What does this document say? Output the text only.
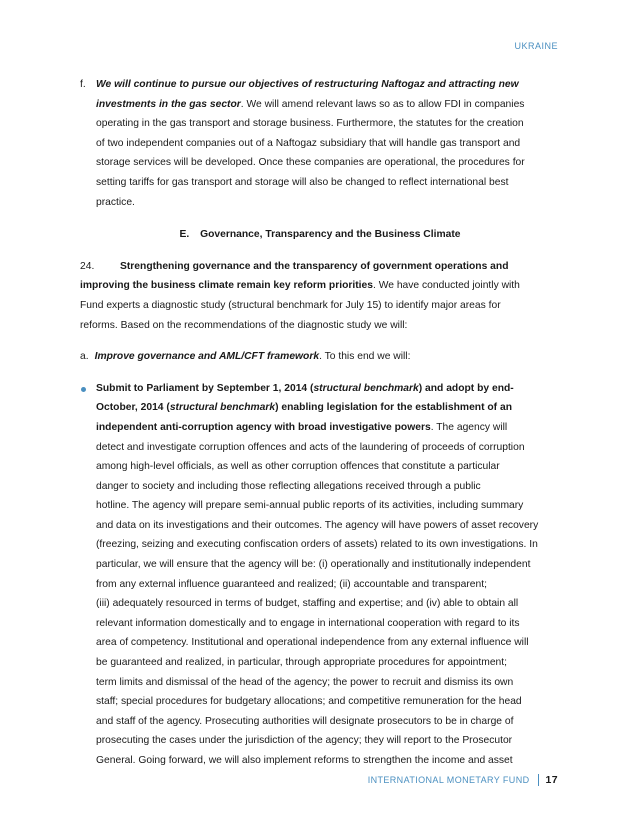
UKRAINE
f. We will continue to pursue our objectives of restructuring Naftogaz and attracting new
investments in the gas sector. We will amend relevant laws so as to allow FDI in companies
operating in the gas transport and storage business. Furthermore, the statutes for the creation
of two independent companies out of a Naftogaz subsidiary that will handle gas transport and
storage services will be developed. Once these companies are operational, the procedures for
setting tariffs for gas transport and storage will also be changed to reflect international best
practice.
E. Governance, Transparency and the Business Climate
24. Strengthening governance and the transparency of government operations and
improving the business climate remain key reform priorities. We have conducted jointly with
Fund experts a diagnostic study (structural benchmark for July 15) to identify major areas for
reforms. Based on the recommendations of the diagnostic study we will:
a. Improve governance and AML/CFT framework. To this end we will:
Submit to Parliament by September 1, 2014 (structural benchmark) and adopt by end-
October, 2014 (structural benchmark) enabling legislation for the establishment of an
independent anti-corruption agency with broad investigative powers. The agency will
detect and investigate corruption offences and acts of the laundering of proceeds of corruption
among high-level officials, as well as other corruption offences that constitute a particular
danger to society and including those reflecting allegations received through a public
hotline. The agency will prepare semi-annual public reports of its activities, including summary
and data on its investigations and their outcomes. The agency will have powers of asset recovery
(freezing, seizing and executing confiscation orders of assets) related to its own investigations. In
particular, we will ensure that the agency will be: (i) operationally and institutionally independent
from any external influence guaranteed and realized; (ii) accountable and transparent;
(iii) adequately resourced in terms of budget, staffing and expertise; and (iv) able to obtain all
relevant information domestically and to engage in international cooperation with regard to its
area of competency. Institutional and operational independence from any external influence will
be guaranteed and realized, in particular, through appropriate procedures for appointment;
term limits and dismissal of the head of the agency; the power to recruit and dismiss its own
staff; special procedures for budgetary allocations; and competitive remuneration for the head
and staff of the agency. Prosecuting authorities will designate prosecutors to be in charge of
prosecuting the cases under the jurisdiction of the agency; they will report to the Prosecutor
General. Going forward, we will also implement reforms to strengthen the income and asset
INTERNATIONAL MONETARY FUND	17
